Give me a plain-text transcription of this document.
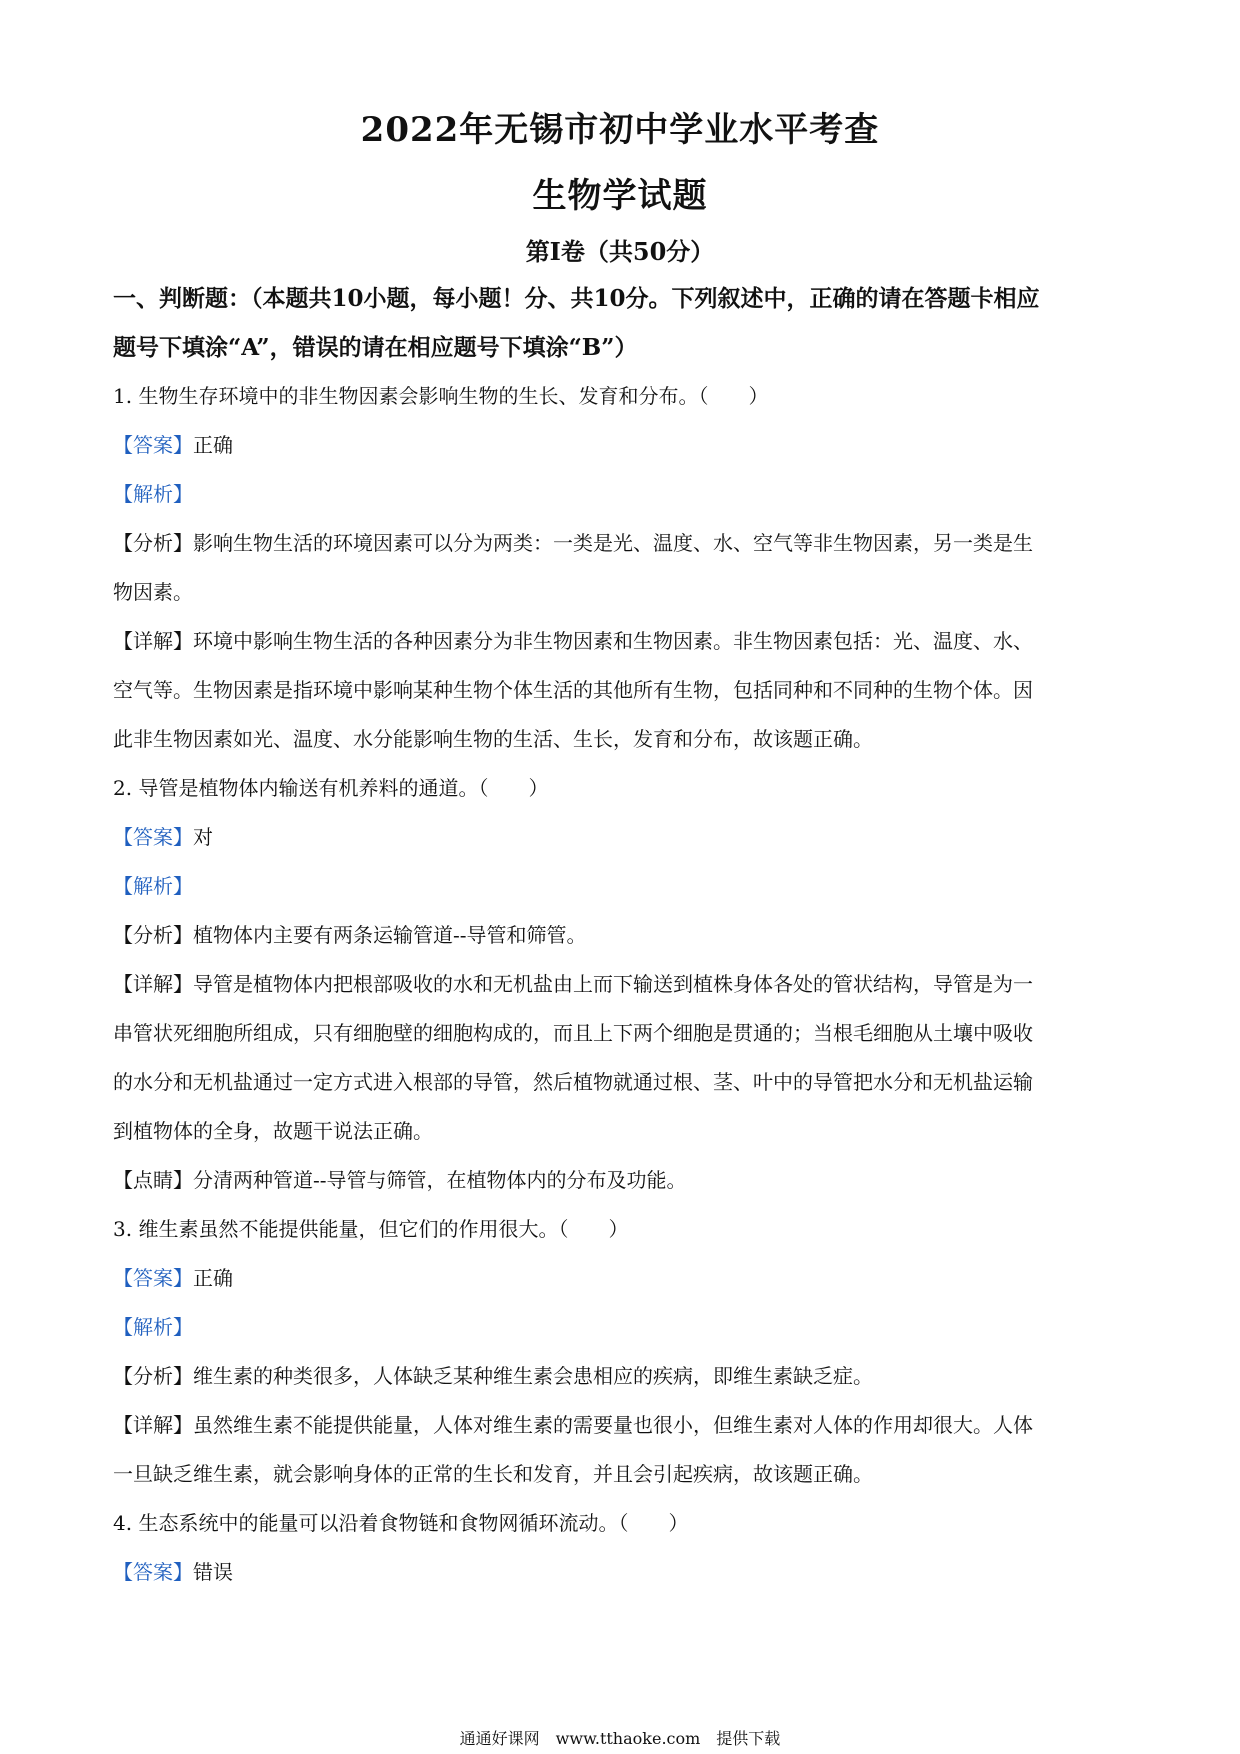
2022年无锡市初中学业水平考查
生物学试题
第Ⅰ卷（共50分）
一、判断题：（本题共10小题，每小题！分、共10分。下列叙述中，正确的请在答题卡相应
题号下填涂“A”，错误的请在相应题号下填涂“B”）
1. 生物生存环境中的非生物因素会影响生物的生长、发育和分布。（　　）
【答案】正确
【解析】
【分析】影响生物生活的环境因素可以分为两类：一类是光、温度、水、空气等非生物因素，另一类是生
物因素。
【详解】环境中影响生物生活的各种因素分为非生物因素和生物因素。非生物因素包括：光、温度、水、
空气等。生物因素是指环境中影响某种生物个体生活的其他所有生物，包括同种和不同种的生物个体。因
此非生物因素如光、温度、水分能影响生物的生活、生长，发育和分布，故该题正确。
2. 导管是植物体内输送有机养料的通道。（　　）
【答案】对
【解析】
【分析】植物体内主要有两条运输管道--导管和筛管。
【详解】导管是植物体内把根部吸收的水和无机盐由上而下输送到植株身体各处的管状结构，导管是为一
串管状死细胞所组成，只有细胞壁的细胞构成的，而且上下两个细胞是贯通的；当根毛细胞从土壤中吸收
的水分和无机盐通过一定方式进入根部的导管，然后植物就通过根、茎、叶中的导管把水分和无机盐运输
到植物体的全身，故题干说法正确。
【点睛】分清两种管道--导管与筛管，在植物体内的分布及功能。
3. 维生素虽然不能提供能量，但它们的作用很大。（　　）
【答案】正确
【解析】
【分析】维生素的种类很多，人体缺乏某种维生素会患相应的疾病，即维生素缺乏症。
【详解】虽然维生素不能提供能量，人体对维生素的需要量也很小，但维生素对人体的作用却很大。人体
一旦缺乏维生素，就会影响身体的正常的生长和发育，并且会引起疾病，故该题正确。
4. 生态系统中的能量可以沿着食物链和食物网循环流动。（　　）
【答案】错误
通通好课网　www.tthaoke.com　提供下载
